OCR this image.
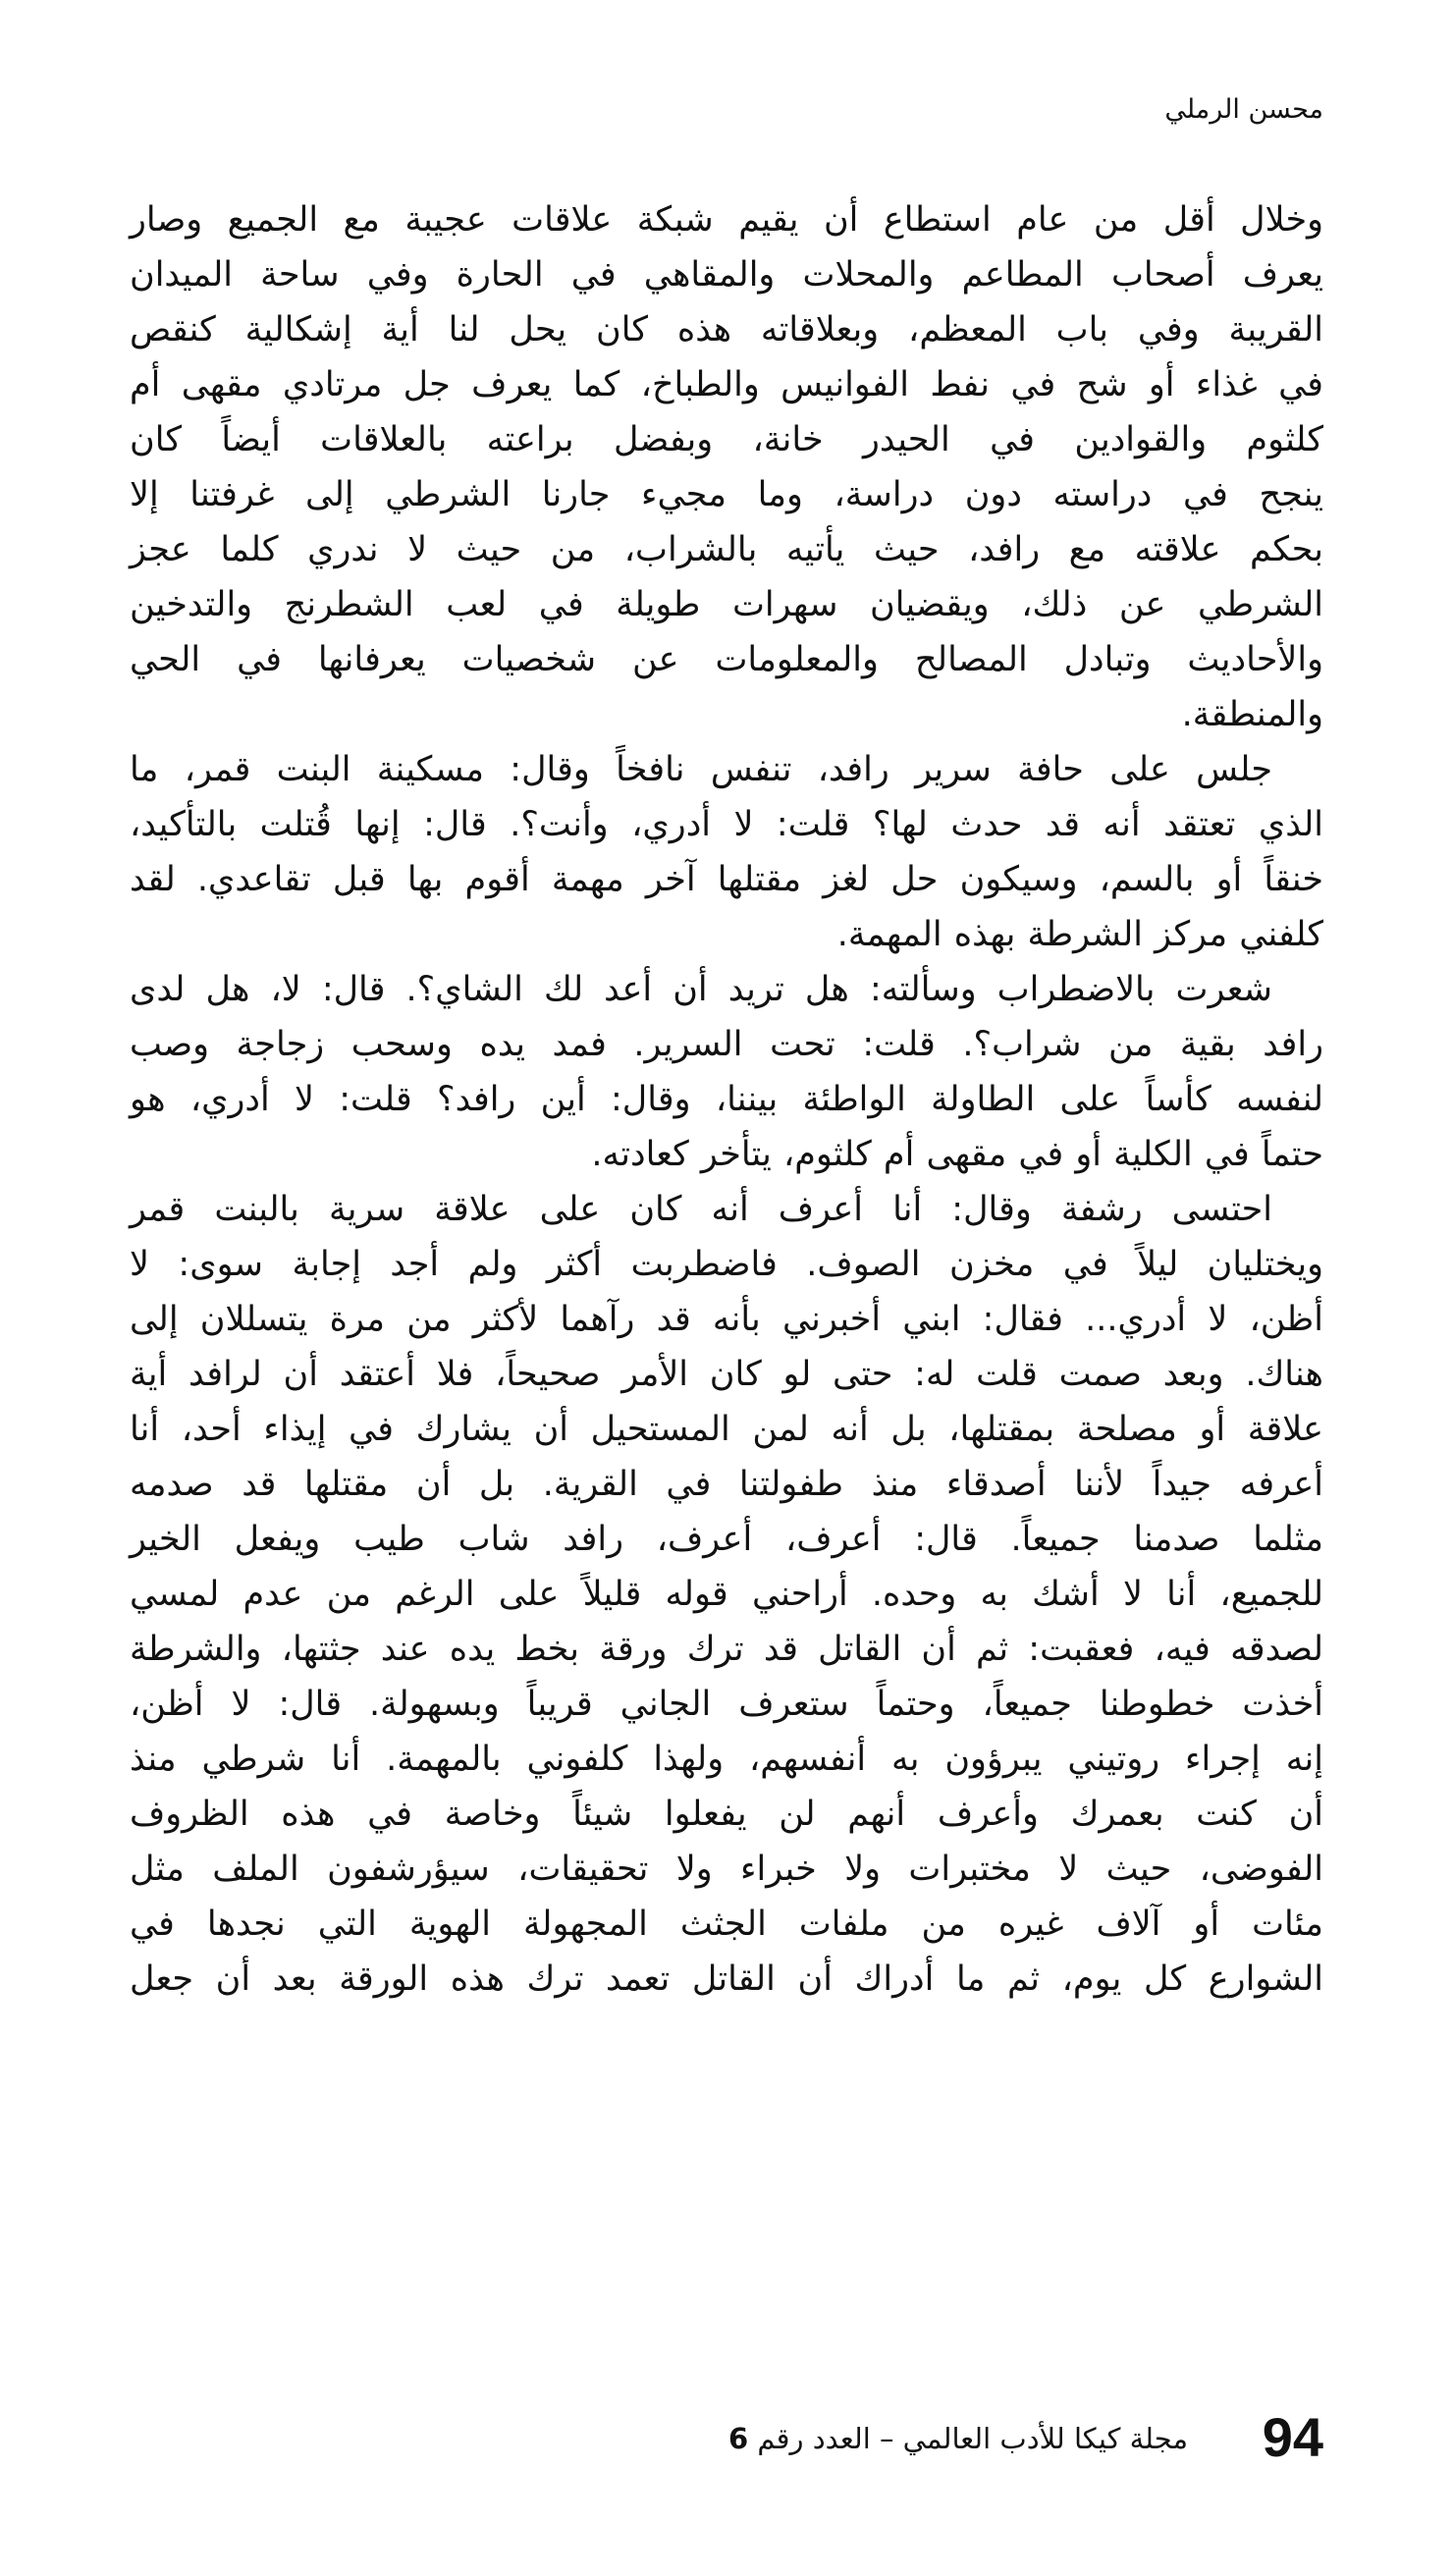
محسن الرملي
وخلال أقل من عام استطاع أن يقيم شبكة علاقات عجيبة مع الجميع وصار
يعرف أصحاب المطاعم والمحلات والمقاهي في الحارة وفي ساحة الميدان
القريبة وفي باب المعظم، وبعلاقاته هذه كان يحل لنا أية إشكالية كنقص
في غذاء أو شح في نفط الفوانيس والطباخ، كما يعرف جل مرتادي مقهى أم
كلثوم والقوادين في الحيدر خانة، وبفضل براعته بالعلاقات أيضاً كان
ينجح في دراسته دون دراسة، وما مجيء جارنا الشرطي إلى غرفتنا إلا
بحكم علاقته مع رافد، حيث يأتيه بالشراب، من حيث لا ندري كلما عجز
الشرطي عن ذلك، ويقضيان سهرات طويلة في لعب الشطرنج والتدخين
والأحاديث وتبادل المصالح والمعلومات عن شخصيات يعرفانها في الحي
والمنطقة.
جلس على حافة سرير رافد، تنفس نافخاً وقال: مسكينة البنت قمر، ما
الذي تعتقد أنه قد حدث لها؟ قلت: لا أدري، وأنت؟. قال: إنها قُتلت بالتأكيد،
خنقاً أو بالسم، وسيكون حل لغز مقتلها آخر مهمة أقوم بها قبل تقاعدي. لقد
كلفني مركز الشرطة بهذه المهمة.
شعرت بالاضطراب وسألته: هل تريد أن أعد لك الشاي؟. قال: لا، هل لدى
رافد بقية من شراب؟. قلت: تحت السرير. فمد يده وسحب زجاجة وصب
لنفسه كأساً على الطاولة الواطئة بيننا، وقال: أين رافد؟ قلت: لا أدري، هو
حتماً في الكلية أو في مقهى أم كلثوم، يتأخر كعادته.
احتسى رشفة وقال: أنا أعرف أنه كان على علاقة سرية بالبنت قمر
ويختليان ليلاً في مخزن الصوف. فاضطربت أكثر ولم أجد إجابة سوى: لا
أظن، لا أدري... فقال: ابني أخبرني بأنه قد رآهما لأكثر من مرة يتسللان إلى
هناك. وبعد صمت قلت له: حتى لو كان الأمر صحيحاً، فلا أعتقد أن لرافد أية
علاقة أو مصلحة بمقتلها، بل أنه لمن المستحيل أن يشارك في إيذاء أحد، أنا
أعرفه جيداً لأننا أصدقاء منذ طفولتنا في القرية. بل أن مقتلها قد صدمه
مثلما صدمنا جميعاً. قال: أعرف، أعرف، رافد شاب طيب ويفعل الخير
للجميع، أنا لا أشك به وحده. أراحني قوله قليلاً على الرغم من عدم لمسي
لصدقه فيه، فعقبت: ثم أن القاتل قد ترك ورقة بخط يده عند جثتها، والشرطة
أخذت خطوطنا جميعاً، وحتماً ستعرف الجاني قريباً وبسهولة. قال: لا أظن،
إنه إجراء روتيني يبرؤون به أنفسهم، ولهذا كلفوني بالمهمة. أنا شرطي منذ
أن كنت بعمرك وأعرف أنهم لن يفعلوا شيئاً وخاصة في هذه الظروف
الفوضى، حيث لا مختبرات ولا خبراء ولا تحقيقات، سيؤرشفون الملف مثل
مئات أو آلاف غيره من ملفات الجثث المجهولة الهوية التي نجدها في
الشوارع كل يوم، ثم ما أدراك أن القاتل تعمد ترك هذه الورقة بعد أن جعل
94
مجلة كيكا للأدب العالمي – العدد رقم 6
